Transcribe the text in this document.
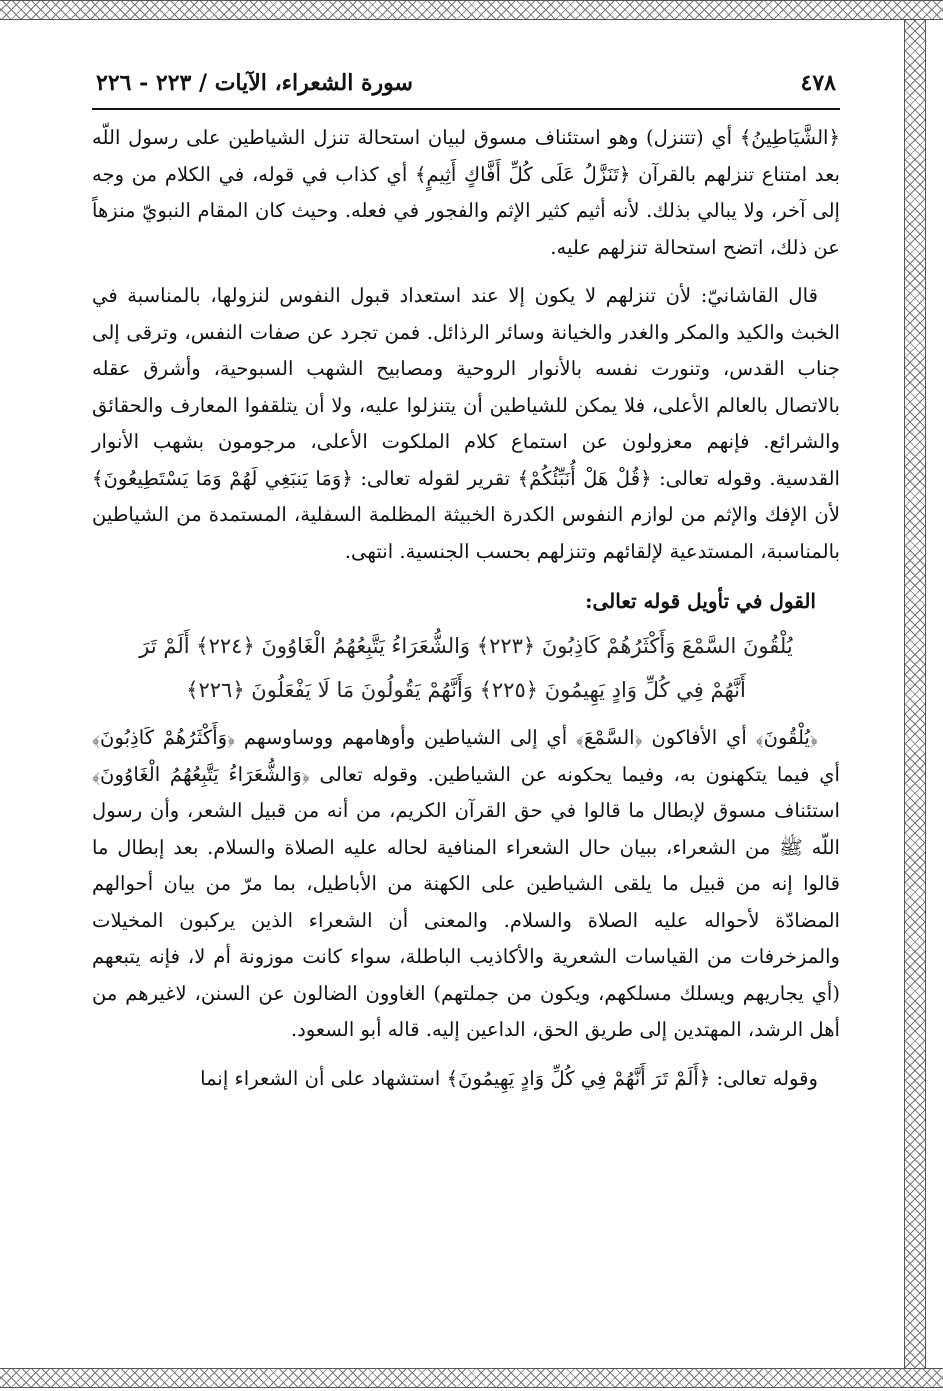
٤٧٨
سورة الشعراء، الآيات / ٢٢٣ - ٢٢٦

﴿الشَّيَاطِينُ﴾ أي (تتنزل) وهو استئناف مسوق لبيان استحالة تنزل الشياطين على رسول اللّه بعد امتناع تنزلهم بالقرآن ﴿تَنَزَّلُ عَلَى كُلِّ أَفَّاكٍ أَثِيمٍ﴾ أي كذاب في قوله، في الكلام من وجه إلى آخر، ولا يبالي بذلك. لأنه أثيم كثير الإثم والفجور في فعله. وحيث كان المقام النبويّ منزهاً عن ذلك، اتضح استحالة تنزلهم عليه.

قال القاشانيّ: لأن تنزلهم لا يكون إلا عند استعداد قبول النفوس لنزولها، بالمناسبة في الخبث والكيد والمكر والغدر والخيانة وسائر الرذائل. فمن تجرد عن صفات النفس، وترقى إلى جناب القدس، وتنورت نفسه بالأنوار الروحية ومصابيح الشهب السبوحية، وأشرق عقله بالاتصال بالعالم الأعلى، فلا يمكن للشياطين أن يتنزلوا عليه، ولا أن يتلقفوا المعارف والحقائق والشرائع. فإنهم معزولون عن استماع كلام الملكوت الأعلى، مرجومون بشهب الأنوار القدسية. وقوله تعالى: ﴿قُلْ هَلْ أُنَبِّئُكُمْ﴾ تقرير لقوله تعالى: ﴿وَمَا يَنبَغِي لَهُمْ وَمَا يَسْتَطِيعُونَ﴾ لأن الإفك والإثم من لوازم النفوس الكدرة الخبيثة المظلمة السفلية، المستمدة من الشياطين بالمناسبة، المستدعية لإلقائهم وتنزلهم بحسب الجنسية. انتهى.

القول في تأويل قوله تعالى:
يُلْقُونَ السَّمْعَ وَأَكْثَرُهُمْ كَاذِبُونَ ﴿٢٢٣﴾ وَالشُّعَرَاءُ يَتَّبِعُهُمُ الْغَاوُونَ ﴿٢٢٤﴾ أَلَمْ تَرَ
أَنَّهُمْ فِي كُلِّ وَادٍ يَهِيمُونَ ﴿٢٢٥﴾ وَأَنَّهُمْ يَقُولُونَ مَا لَا يَفْعَلُونَ ﴿٢٢٦﴾

﴿يُلْقُونَ﴾ أي الأفاكون ﴿السَّمْعَ﴾ أي إلى الشياطين وأوهامهم ووساوسهم ﴿وَأَكْثَرُهُمْ كَاذِبُونَ﴾ أي فيما يتكهنون به، وفيما يحكونه عن الشياطين. وقوله تعالى ﴿وَالشُّعَرَاءُ يَتَّبِعُهُمُ الْغَاوُونَ﴾ استئناف مسوق لإبطال ما قالوا في حق القرآن الكريم، من أنه من قبيل الشعر، وأن رسول اللّه ﷺ من الشعراء، ببيان حال الشعراء المنافية لحاله عليه الصلاة والسلام. بعد إبطال ما قالوا إنه من قبيل ما يلقى الشياطين على الكهنة من الأباطيل، بما مرّ من بيان أحوالهم المضادّة لأحواله عليه الصلاة والسلام. والمعنى أن الشعراء الذين يركبون المخيلات والمزخرفات من القياسات الشعرية والأكاذيب الباطلة، سواء كانت موزونة أم لا، فإنه يتبعهم (أي يجاريهم ويسلك مسلكهم، ويكون من جملتهم) الغاوون الضالون عن السنن، لاغيرهم من أهل الرشد، المهتدين إلى طريق الحق، الداعين إليه. قاله أبو السعود.

وقوله تعالى: ﴿أَلَمْ تَرَ أَنَّهُمْ فِي كُلِّ وَادٍ يَهِيمُونَ﴾ استشهاد على أن الشعراء إنما
